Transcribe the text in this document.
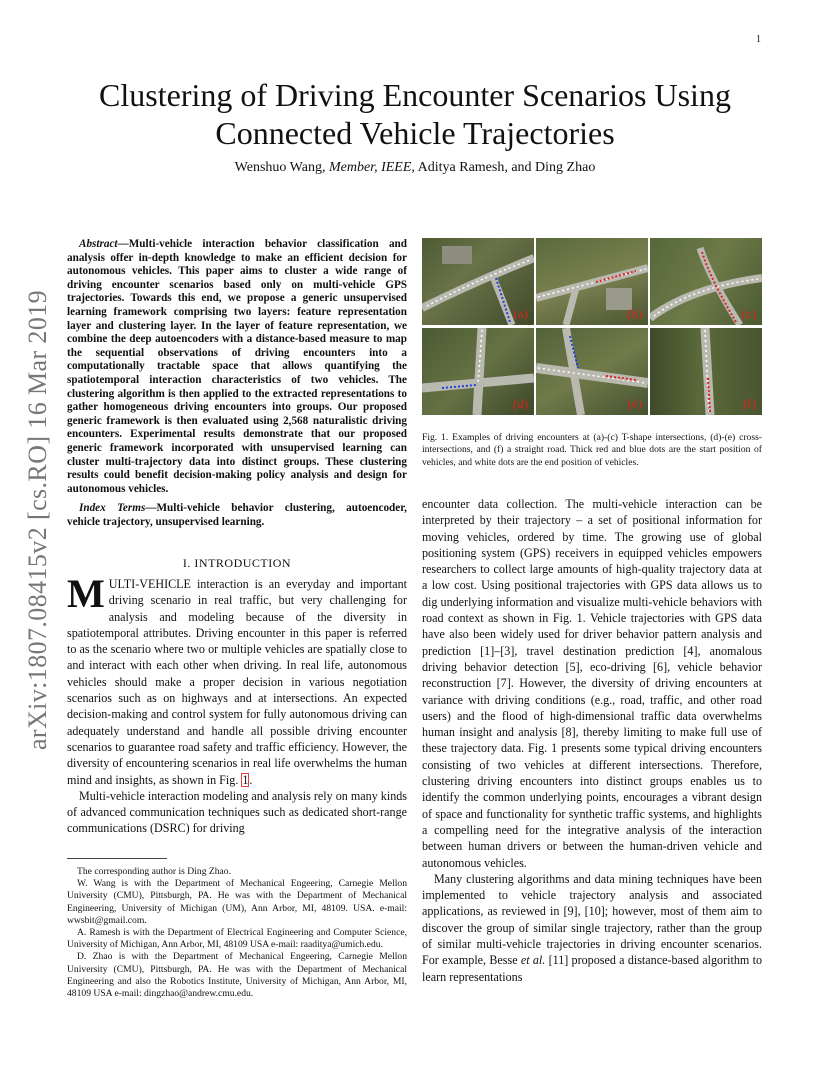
1
arXiv:1807.08415v2 [cs.RO] 16 Mar 2019
Clustering of Driving Encounter Scenarios Using Connected Vehicle Trajectories
Wenshuo Wang, Member, IEEE, Aditya Ramesh, and Ding Zhao

Abstract—Multi-vehicle interaction behavior classification and analysis offer in-depth knowledge to make an efficient decision for autonomous vehicles. This paper aims to cluster a wide range of driving encounter scenarios based only on multi-vehicle GPS trajectories. Towards this end, we propose a generic unsupervised learning framework comprising two layers: feature representation layer and clustering layer. In the layer of feature representation, we combine the deep autoencoders with a distance-based measure to map the sequential observations of driving encounters into a computationally tractable space that allows quantifying the spatiotemporal interaction characteristics of two vehicles. The clustering algorithm is then applied to the extracted representations to gather homogeneous driving encounters into groups. Our proposed generic framework is then evaluated using 2,568 naturalistic driving encounters. Experimental results demonstrate that our proposed generic framework incorporated with unsupervised learning can cluster multi-trajectory data into distinct groups. These clustering results could benefit decision-making policy analysis and design for autonomous vehicles.

Index Terms—Multi-vehicle behavior clustering, autoencoder, vehicle trajectory, unsupervised learning.

I. INTRODUCTION

MULTI-VEHICLE interaction is an everyday and important driving scenario in real traffic, but very challenging for analysis and modeling because of the diversity in spatiotemporal attributes. Driving encounter in this paper is referred to as the scenario where two or multiple vehicles are spatially close to and interact with each other when driving. In real life, autonomous vehicles should make a proper decision in various negotiation scenarios such as on highways and at intersections. An expected decision-making and control system for fully autonomous driving can adequately understand and handle all possible driving encounter scenarios to guarantee road safety and traffic efficiency. However, the diversity of encountering scenarios in real life overwhelms the human mind and insights, as shown in Fig. 1.

Multi-vehicle interaction modeling and analysis rely on many kinds of advanced communication techniques such as dedicated short-range communications (DSRC) for driving

The corresponding author is Ding Zhao.

W. Wang is with the Department of Mechanical Engeering, Carnegie Mellon University (CMU), Pittsburgh, PA. He was with the Department of Mechanical Engineering, University of Michigan (UM), Ann Arbor, MI, 48109. USA. e-mail: wwsbit@gmail.com.

A. Ramesh is with the Department of Electrical Engineering and Computer Science, University of Michigan, Ann Arbor, MI, 48109 USA e-mail: raaditya@umich.edu.

D. Zhao is with the Department of Mechanical Engeering, Carnegie Mellon University (CMU), Pittsburgh, PA. He was with the Department of Mechanical Engineering and also the Robotics Institute, University of Michigan, Ann Arbor, MI, 48109 USA e-mail: dingzhao@andrew.cmu.edu.

(a)	(b)	(c)
(d)	(e)	(f)
Fig. 1. Examples of driving encounters at (a)-(c) T-shape intersections, (d)-(e) cross-intersections, and (f) a straight road. Thick red and blue dots are the start position of vehicles, and white dots are the end position of vehicles.

encounter data collection. The multi-vehicle interaction can be interpreted by their trajectory – a set of positional information for moving vehicles, ordered by time. The growing use of global positioning system (GPS) receivers in equipped vehicles empowers researchers to collect large amounts of high-quality trajectory data at a low cost. Using positional trajectories with GPS data allows us to dig underlying information and visualize multi-vehicle behaviors with road context as shown in Fig. 1. Vehicle trajectories with GPS data have also been widely used for driver behavior pattern analysis and prediction [1]–[3], travel destination prediction [4], anomalous driving behavior detection [5], eco-driving [6], vehicle behavior reconstruction [7]. However, the diversity of driving encounters at variance with driving conditions (e.g., road, traffic, and other road users) and the flood of high-dimensional traffic data overwhelms human insight and analysis [8], thereby limiting to make full use of these trajectory data. Fig. 1 presents some typical driving encounters consisting of two vehicles at different intersections. Therefore, clustering driving encounters into distinct groups enables us to identify the common underlying points, encourages a vibrant design of space and functionality for synthetic traffic systems, and highlights a compelling need for the integrative analysis of the interaction between human drivers or between the human-driven vehicle and autonomous vehicles.

Many clustering algorithms and data mining techniques have been implemented to vehicle trajectory analysis and associated applications, as reviewed in [9], [10]; however, most of them aim to discover the group of similar single trajectory, rather than the group of similar multi-vehicle trajectories in driving encounter scenarios. For example, Besse et al. [11] proposed a distance-based algorithm to learn representations
